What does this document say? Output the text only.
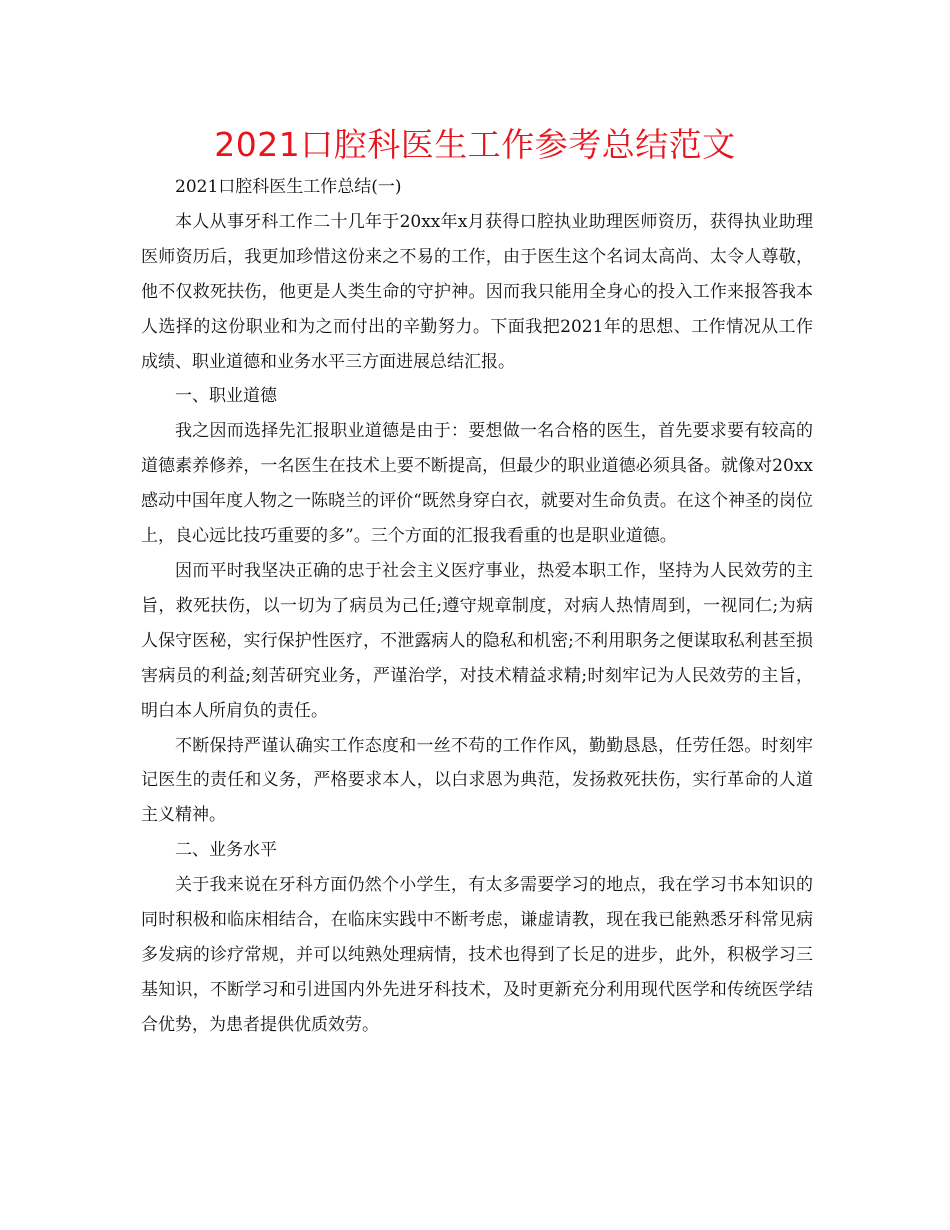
2021口腔科医生工作参考总结范文

2021口腔科医生工作总结(一)

本人从事牙科工作二十几年于20xx年x月获得口腔执业助理医师资历，获得执业助理医师资历后，我更加珍惜这份来之不易的工作，由于医生这个名词太高尚、太令人尊敬，他不仅救死扶伤，他更是人类生命的守护神。因而我只能用全身心的投入工作来报答我本人选择的这份职业和为之而付出的辛勤努力。下面我把2021年的思想、工作情况从工作成绩、职业道德和业务水平三方面进展总结汇报。

一、职业道德

我之因而选择先汇报职业道德是由于：要想做一名合格的医生，首先要求要有较高的道德素养修养，一名医生在技术上要不断提高，但最少的职业道德必须具备。就像对20xx感动中国年度人物之一陈晓兰的评价“既然身穿白衣，就要对生命负责。在这个神圣的岗位上，良心远比技巧重要的多”。三个方面的汇报我看重的也是职业道德。

因而平时我坚决正确的忠于社会主义医疗事业，热爱本职工作，坚持为人民效劳的主旨，救死扶伤，以一切为了病员为己任;遵守规章制度，对病人热情周到，一视同仁;为病人保守医秘，实行保护性医疗，不泄露病人的隐私和机密;不利用职务之便谋取私利甚至损害病员的利益;刻苦研究业务，严谨治学，对技术精益求精;时刻牢记为人民效劳的主旨，明白本人所肩负的责任。

不断保持严谨认确实工作态度和一丝不苟的工作作风，勤勤恳恳，任劳任怨。时刻牢记医生的责任和义务，严格要求本人，以白求恩为典范，发扬救死扶伤，实行革命的人道主义精神。

二、业务水平

关于我来说在牙科方面仍然个小学生，有太多需要学习的地点，我在学习书本知识的同时积极和临床相结合，在临床实践中不断考虑，谦虚请教，现在我已能熟悉牙科常见病多发病的诊疗常规，并可以纯熟处理病情，技术也得到了长足的进步，此外，积极学习三基知识，不断学习和引进国内外先进牙科技术，及时更新充分利用现代医学和传统医学结合优势，为患者提供优质效劳。
